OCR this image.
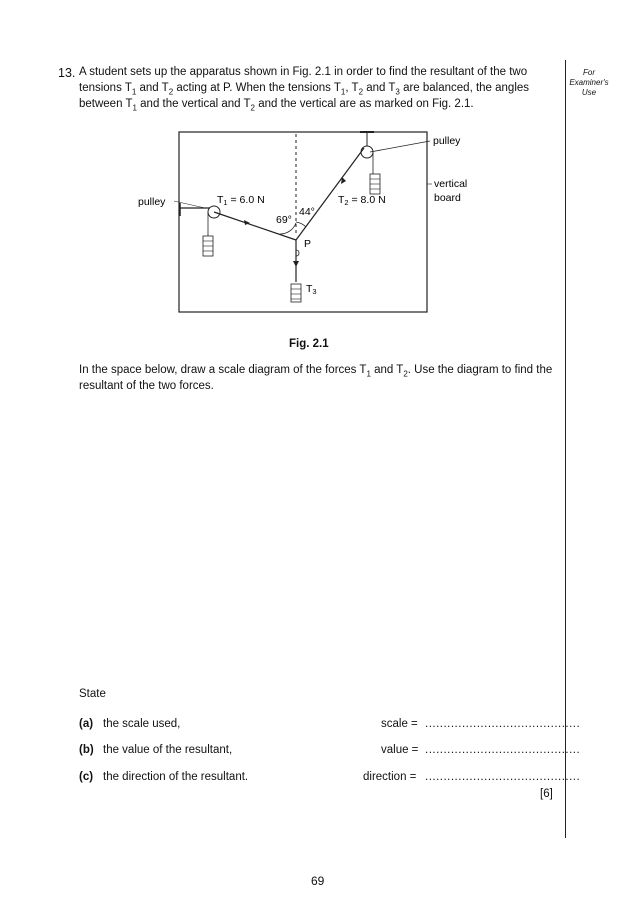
13. A student sets up the apparatus shown in Fig. 2.1 in order to find the resultant of the two
tensions $T_1$ and $T_2$ acting at P. When the tensions $T_1$, $T_2$ and $T_3$ are balanced, the angles
between $T_1$ and the vertical and $T_2$ and the vertical are as marked on Fig. 2.1.
For
Examiner's
Use
pulley
pulley
T1 = 6.0 N	T2 = 8.0 N
69°
44°
P
T3
vertical
board
Fig. 2.1
In the space below, draw a scale diagram of the forces $T_1$ and $T_2$. Use the diagram to find the
resultant of the two forces.
State
(a) the scale used,	scale = ..........................................
(b) the value of the resultant,	value = ..........................................
(c) the direction of the resultant.	direction = ..........................................
[6]
69
